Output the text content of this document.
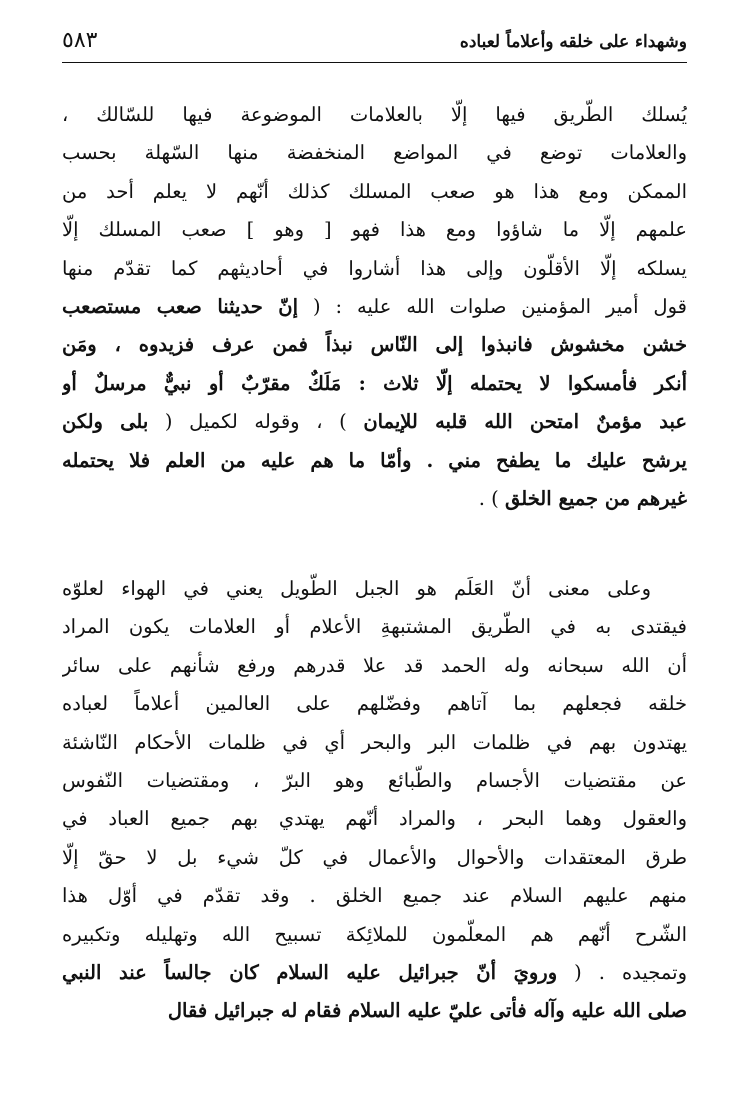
وشهداء على خلقه وأعلاماً لعباده
٥٨٣
يُسلك الطّريق فيها إلّا بالعلامات الموضوعة فيها للسّالك ،
والعلامات توضع في المواضع المنخفضة منها السّهلة بحسب
الممكن ومع هذا هو صعب المسلك كذلك أنّهم لا يعلم أحد من
علمهم إلّا ما شاؤوا ومع هذا فهو [ وهو ] صعب المسلك إلّا
يسلكه إلّا الأقلّون وإلى هذا أشاروا في أحاديثهم كما تقدّم منها
قول أمير المؤمنين صلوات الله عليه : ( إنّ حديثنا صعب مستصعب
خشن مخشوش فانبذوا إلى النّاس نبذاً فمن عرف فزيدوه ، ومَن
أنكر فأمسكوا لا يحتمله إلّا ثلاث : مَلَكٌ مقرّبٌ أو نبيٌّ مرسلٌ أو
عبد مؤمنٌ امتحن الله قلبه للإيمان ) ، وقوله لكميل ( بلى ولكن
يرشح عليك ما يطفح مني . وأمّا ما هم عليه من العلم فلا يحتمله
غيرهم من جميع الخلق ) .
وعلى معنى أنّ العَلَم هو الجبل الطّويل يعني في الهواء لعلوّه
فيقتدى به في الطّريق المشتبهةِ الأعلام أو العلامات يكون المراد
أن الله سبحانه وله الحمد قد علا قدرهم ورفع شأنهم على سائر
خلقه فجعلهم بما آتاهم وفضّلهم على العالمين أعلاماً لعباده
يهتدون بهم في ظلمات البر والبحر أي في ظلمات الأحكام النّاشئة
عن مقتضيات الأجسام والطّبائع وهو البرّ ، ومقتضيات النّفوس
والعقول وهما البحر ، والمراد أنّهم يهتدي بهم جميع العباد في
طرق المعتقدات والأحوال والأعمال في كلّ شيء بل لا حقّ إلّا
منهم عليهم السلام عند جميع الخلق . وقد تقدّم في أوّل هذا
الشّرح أنّهم هم المعلّمون للملائِكة تسبيح الله وتهليله وتكبيره
وتمجيده . ( ورويَ أنّ جبرائيل عليه السلام كان جالساً عند النبي
صلى الله عليه وآله فأتى عليّ عليه السلام فقام له جبرائيل فقال
